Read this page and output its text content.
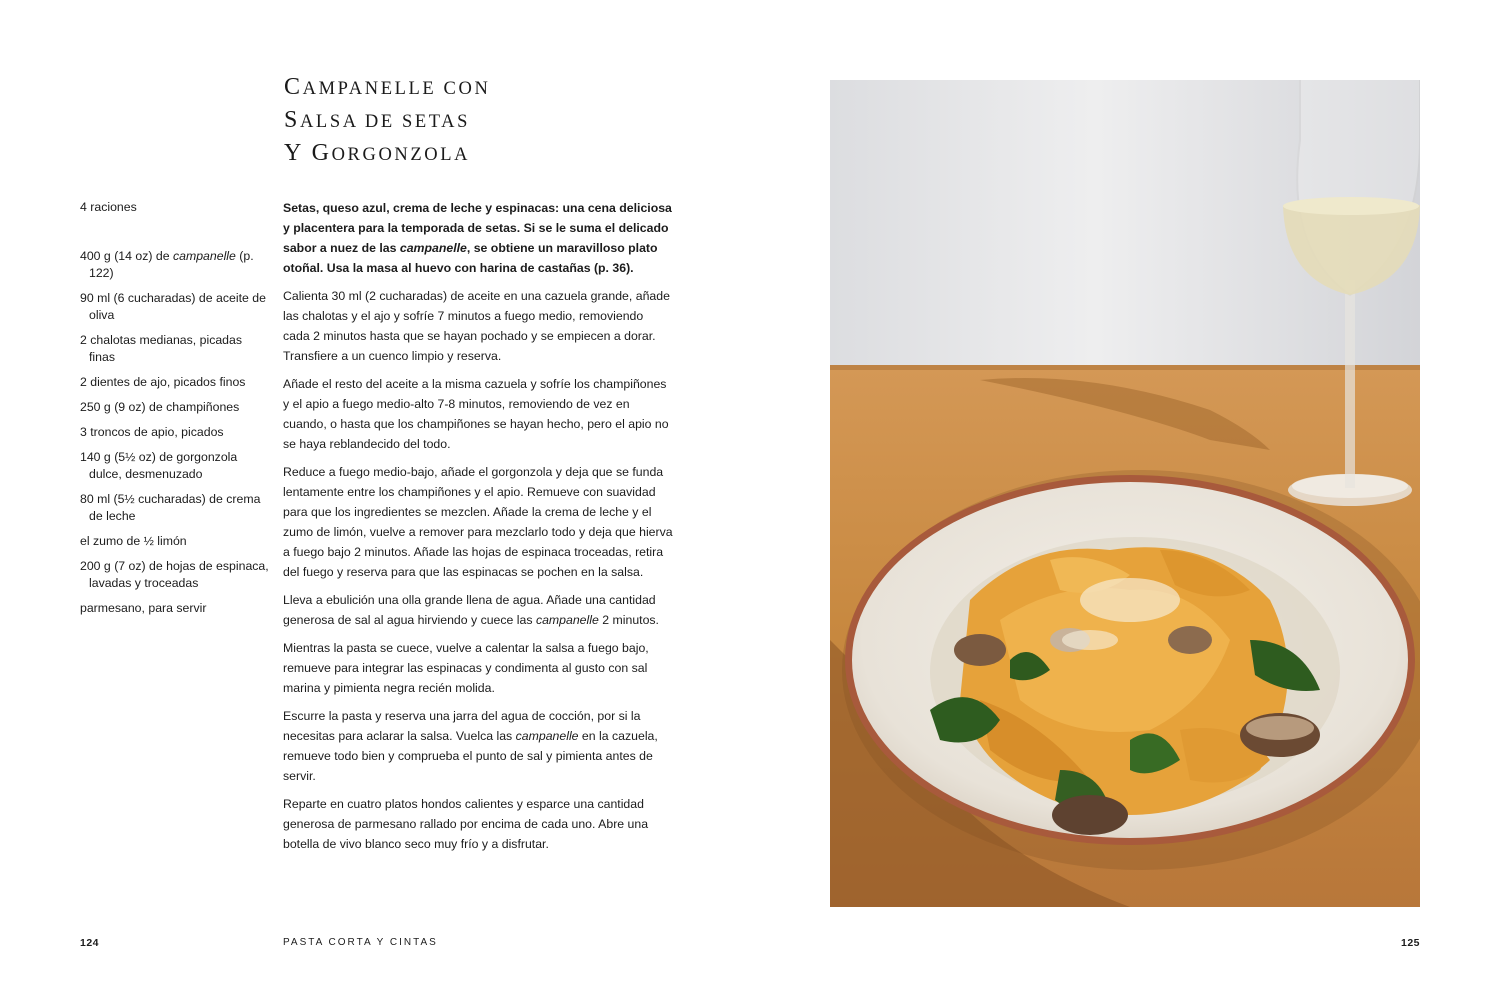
CAMPANELLE CON
SALSA DE SETAS
Y GORGONZOLA
4 raciones
400 g (14 oz) de campanelle (p. 122)
90 ml (6 cucharadas) de aceite de oliva
2 chalotas medianas, picadas finas
2 dientes de ajo, picados finos
250 g (9 oz) de champiñones
3 troncos de apio, picados
140 g (5½ oz) de gorgonzola dulce, desmenuzado
80 ml (5½ cucharadas) de crema de leche
el zumo de ½ limón
200 g (7 oz) de hojas de espinaca, lavadas y troceadas
parmesano, para servir

Setas, queso azul, crema de leche y espinacas: una cena deliciosa y placentera para la temporada de setas. Si se le suma el delicado sabor a nuez de las campanelle, se obtiene un maravilloso plato otoñal. Usa la masa al huevo con harina de castañas (p. 36).

Calienta 30 ml (2 cucharadas) de aceite en una cazuela grande, añade las chalotas y el ajo y sofríe 7 minutos a fuego medio, removiendo cada 2 minutos hasta que se hayan pochado y se empiecen a dorar. Transfiere a un cuenco limpio y reserva.

Añade el resto del aceite a la misma cazuela y sofríe los champiñones y el apio a fuego medio-alto 7-8 minutos, removiendo de vez en cuando, o hasta que los champiñones se hayan hecho, pero el apio no se haya reblandecido del todo.

Reduce a fuego medio-bajo, añade el gorgonzola y deja que se funda lentamente entre los champiñones y el apio. Remueve con suavidad para que los ingredientes se mezclen. Añade la crema de leche y el zumo de limón, vuelve a remover para mezclarlo todo y deja que hierva a fuego bajo 2 minutos. Añade las hojas de espinaca troceadas, retira del fuego y reserva para que las espinacas se pochen en la salsa.

Lleva a ebulición una olla grande llena de agua. Añade una cantidad generosa de sal al agua hirviendo y cuece las campanelle 2 minutos.

Mientras la pasta se cuece, vuelve a calentar la salsa a fuego bajo, remueve para integrar las espinacas y condimenta al gusto con sal marina y pimienta negra recién molida.

Escurre la pasta y reserva una jarra del agua de cocción, por si la necesitas para aclarar la salsa. Vuelca las campanelle en la cazuela, remueve todo bien y comprueba el punto de sal y pimienta antes de servir.

Reparte en cuatro platos hondos calientes y esparce una cantidad generosa de parmesano rallado por encima de cada uno. Abre una botella de vivo blanco seco muy frío y a disfrutar.

124	PASTA CORTA Y CINTAS	125
